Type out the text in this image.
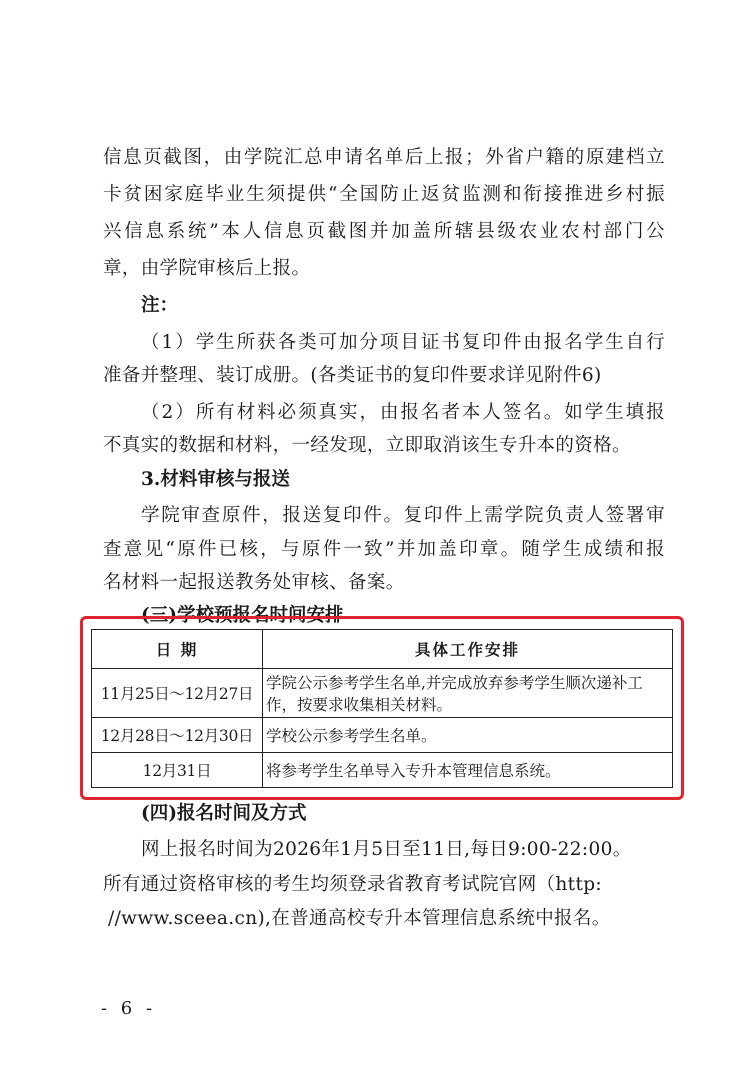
信息页截图，由学院汇总申请名单后上报；外省户籍的原建档立
卡贫困家庭毕业生须提供“全国防止返贫监测和衔接推进乡村振
兴信息系统”本人信息页截图并加盖所辖县级农业农村部门公
章，由学院审核后上报。
注：
（1）学生所获各类可加分项目证书复印件由报名学生自行
准备并整理、装订成册。(各类证书的复印件要求详见附件6)
（2）所有材料必须真实，由报名者本人签名。如学生填报
不真实的数据和材料，一经发现，立即取消该生专升本的资格。
3.材料审核与报送
学院审查原件，报送复印件。复印件上需学院负责人签署审
查意见“原件已核，与原件一致”并加盖印章。随学生成绩和报
名材料一起报送教务处审核、备案。
(三)学校预报名时间安排
日 期	具体工作安排
11月25日～12月27日	学院公示参考学生名单,并完成放弃参考学生顺次递补工作，按要求收集相关材料。
12月28日～12月30日	学校公示参考学生名单。
12月31日	将参考学生名单导入专升本管理信息系统。
(四)报名时间及方式
网上报名时间为2026年1月5日至11日,每日9:00-22:00。
所有通过资格审核的考生均须登录省教育考试院官网（http:
//www.sceea.cn),在普通高校专升本管理信息系统中报名。
- 6 -
